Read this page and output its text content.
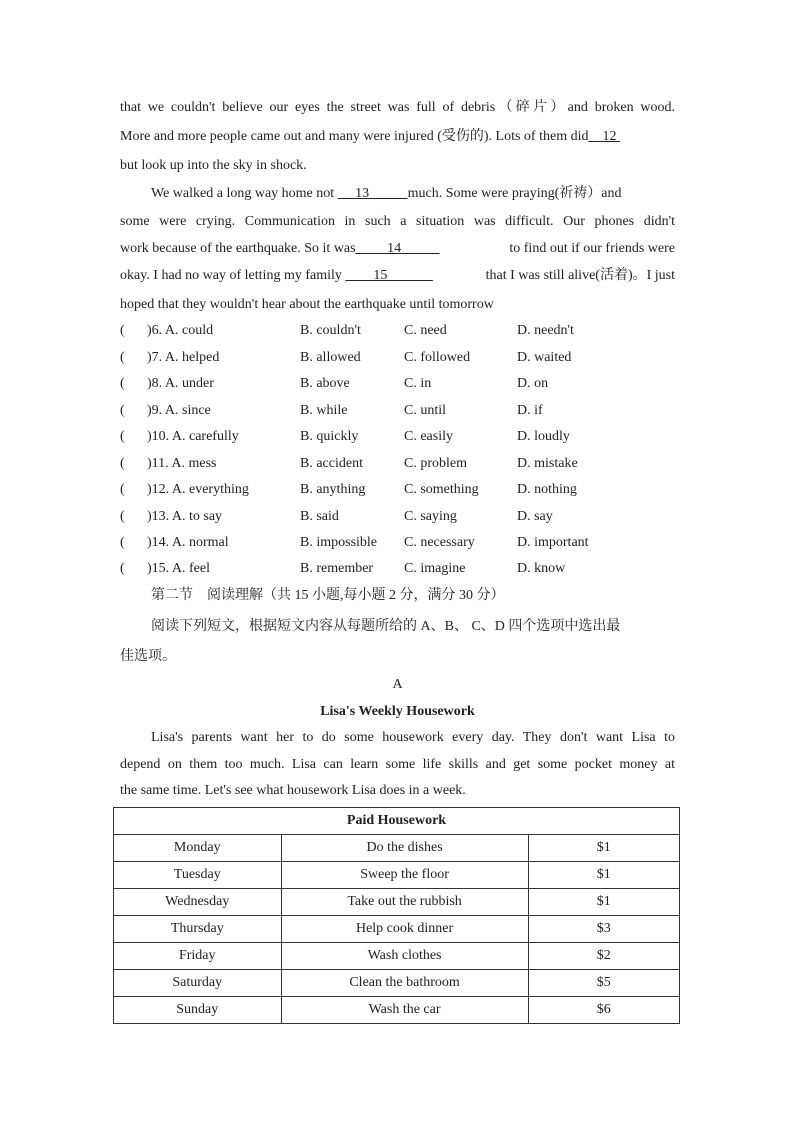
that we couldn't believe our eyes the street was full of debris（碎片）and broken wood.
More and more people came out and many were injured (受伤的). Lots of them did 12
but look up into the sky in shock.
We walked a long way home not 13	much. Some were praying(祈祷）and
some were crying. Communication in such a situation was difficult. Our phones didn't
work because of the earthquake. So it was 14	to find out if our friends were
okay. I had no way of letting my family 15	that I was still alive(活着)。I just
hoped that they wouldn't hear about the earthquake until tomorrow
( )6. A. could	B. couldn't	C. need	D. needn't
( )7. A. helped	B. allowed	C. followed	D. waited
( )8. A. under	B. above	C. in	D. on
( )9. A. since	B. while	C. until	D. if
( )10. A. carefully	B. quickly	C. easily	D. loudly
( )11. A. mess	B. accident	C. problem	D. mistake
( )12. A. everything	B. anything	C. something	D. nothing
( )13. A. to say	B. said	C. saying	D. say
( )14. A. normal	B. impossible C. necessary	D. important
( )15. A. feel	B. remember C. imagine	D. know
第二节　阅读理解（共 15 小题,每小题 2 分，满分 30 分）
阅读下列短文，根据短文内容从每题所给的 A、B、 C、D 四个选项中选出最
佳选项。
A
Lisa's Weekly Housework
Lisa's parents want her to do some housework every day. They don't want Lisa to
depend on them too much. Lisa can learn some life skills and get some pocket money at
the same time. Let's see what housework Lisa does in a week.
Paid Housework		
Monday	Do the dishes	$1
Tuesday	Sweep the floor	$1
Wednesday	Take out the rubbish	$1
Thursday	Help cook dinner	$3
Friday	Wash clothes	$2
Saturday	Clean the bathroom	$5
Sunday	Wash the car	$6
